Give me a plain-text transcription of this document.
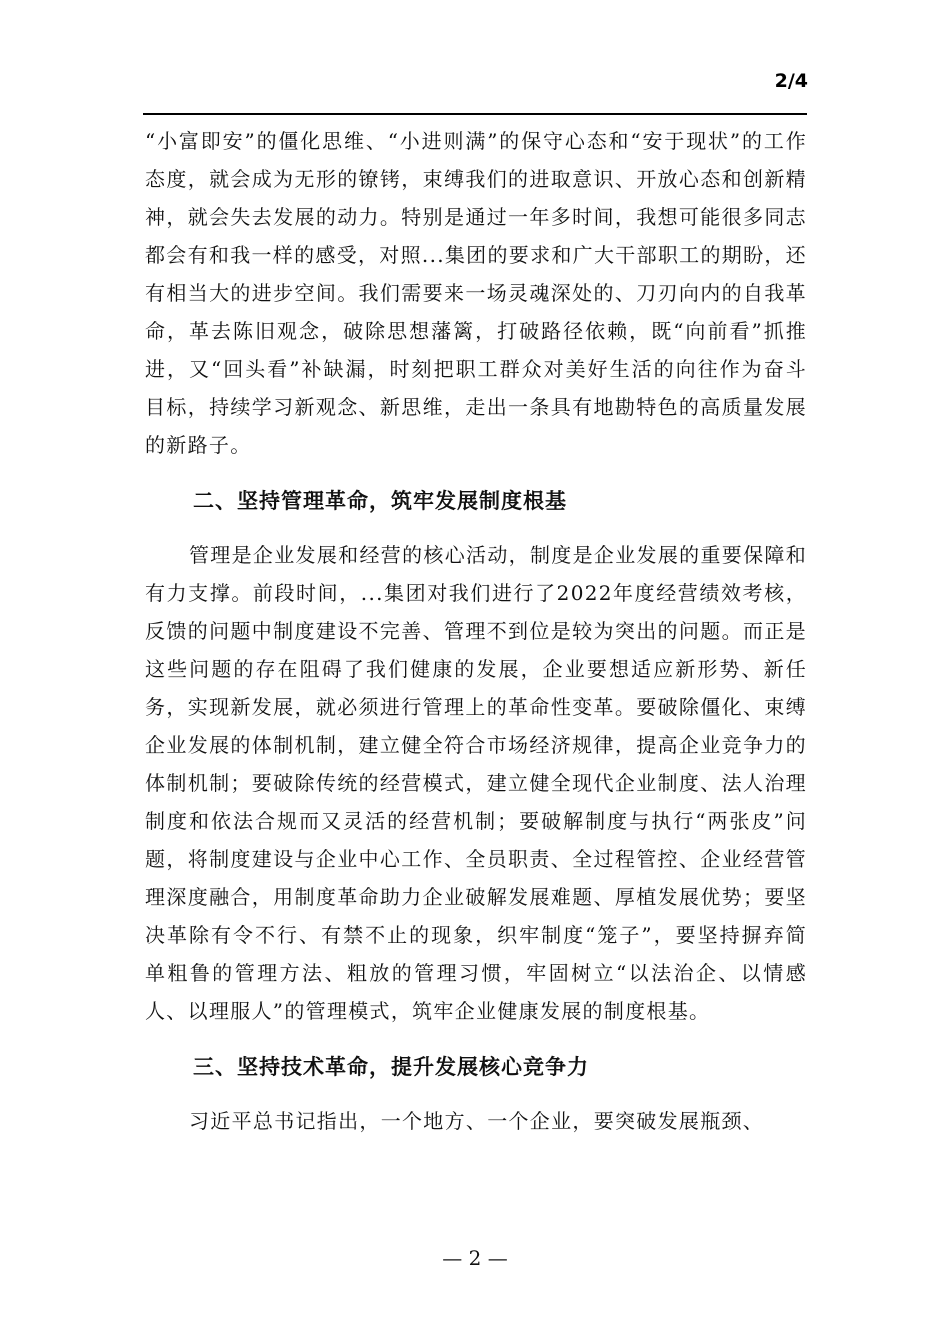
2/4

“小富即安”的僵化思维、“小进则满”的保守心态和“安于现状”的工作态度，就会成为无形的镣铐，束缚我们的进取意识、开放心态和创新精神，就会失去发展的动力。特别是通过一年多时间，我想可能很多同志都会有和我一样的感受，对照...集团的要求和广大干部职工的期盼，还有相当大的进步空间。我们需要来一场灵魂深处的、刀刃向内的自我革命，革去陈旧观念，破除思想藩篱，打破路径依赖，既“向前看”抓推进，又“回头看”补缺漏，时刻把职工群众对美好生活的向往作为奋斗目标，持续学习新观念、新思维，走出一条具有地勘特色的高质量发展的新路子。

二、坚持管理革命，筑牢发展制度根基

管理是企业发展和经营的核心活动，制度是企业发展的重要保障和有力支撑。前段时间，...集团对我们进行了2022年度经营绩效考核，反馈的问题中制度建设不完善、管理不到位是较为突出的问题。而正是这些问题的存在阻碍了我们健康的发展，企业要想适应新形势、新任务，实现新发展，就必须进行管理上的革命性变革。要破除僵化、束缚企业发展的体制机制，建立健全符合市场经济规律，提高企业竞争力的体制机制；要破除传统的经营模式，建立健全现代企业制度、法人治理制度和依法合规而又灵活的经营机制；要破解制度与执行“两张皮”问题，将制度建设与企业中心工作、全员职责、全过程管控、企业经营管理深度融合，用制度革命助力企业破解发展难题、厚植发展优势；要坚决革除有令不行、有禁不止的现象，织牢制度“笼子”，要坚持摒弃简单粗鲁的管理方法、粗放的管理习惯，牢固树立“以法治企、以情感人、以理服人”的管理模式，筑牢企业健康发展的制度根基。

三、坚持技术革命，提升发展核心竞争力

习近平总书记指出，一个地方、一个企业，要突破发展瓶颈、

— 2 —
